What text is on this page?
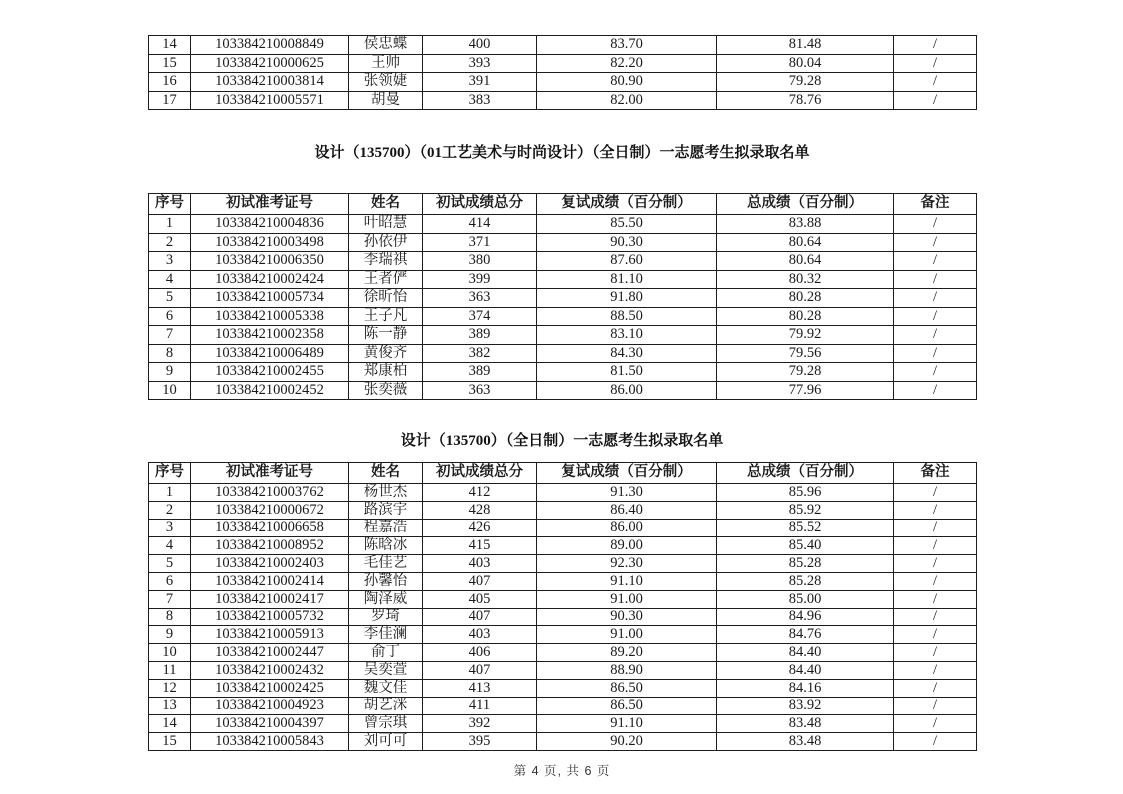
14	103384210008849	侯忠蝶	400	83.70	81.48	/
15	103384210000625	王帅	393	82.20	80.04	/
16	103384210003814	张领婕	391	80.90	79.28	/
17	103384210005571	胡曼	383	82.00	78.76	/
设计（135700）（01工艺美术与时尚设计）（全日制）一志愿考生拟录取名单
序号	初试准考证号	姓名	初试成绩总分	复试成绩（百分制）	总成绩（百分制）	备注
1	103384210004836	叶昭慧	414	85.50	83.88	/
2	103384210003498	孙依伊	371	90.30	80.64	/
3	103384210006350	李瑞祺	380	87.60	80.64	/
4	103384210002424	王者俨	399	81.10	80.32	/
5	103384210005734	徐昕怡	363	91.80	80.28	/
6	103384210005338	王子凡	374	88.50	80.28	/
7	103384210002358	陈一静	389	83.10	79.92	/
8	103384210006489	黄俊齐	382	84.30	79.56	/
9	103384210002455	郑康柏	389	81.50	79.28	/
10	103384210002452	张奕薇	363	86.00	77.96	/
设计（135700）（全日制）一志愿考生拟录取名单
序号	初试准考证号	姓名	初试成绩总分	复试成绩（百分制）	总成绩（百分制）	备注
1	103384210003762	杨世杰	412	91.30	85.96	/
2	103384210000672	路滨宇	428	86.40	85.92	/
3	103384210006658	程嘉浩	426	86.00	85.52	/
4	103384210008952	陈晗冰	415	89.00	85.40	/
5	103384210002403	毛佳艺	403	92.30	85.28	/
6	103384210002414	孙馨怡	407	91.10	85.28	/
7	103384210002417	陶泽威	405	91.00	85.00	/
8	103384210005732	罗琦	407	90.30	84.96	/
9	103384210005913	李佳澜	403	91.00	84.76	/
10	103384210002447	俞丁	406	89.20	84.40	/
11	103384210002432	吴奕萱	407	88.90	84.40	/
12	103384210002425	魏文佳	413	86.50	84.16	/
13	103384210004923	胡艺洣	411	86.50	83.92	/
14	103384210004397	曾宗琪	392	91.10	83.48	/
15	103384210005843	刘可可	395	90.20	83.48	/
第 4 页, 共 6 页
